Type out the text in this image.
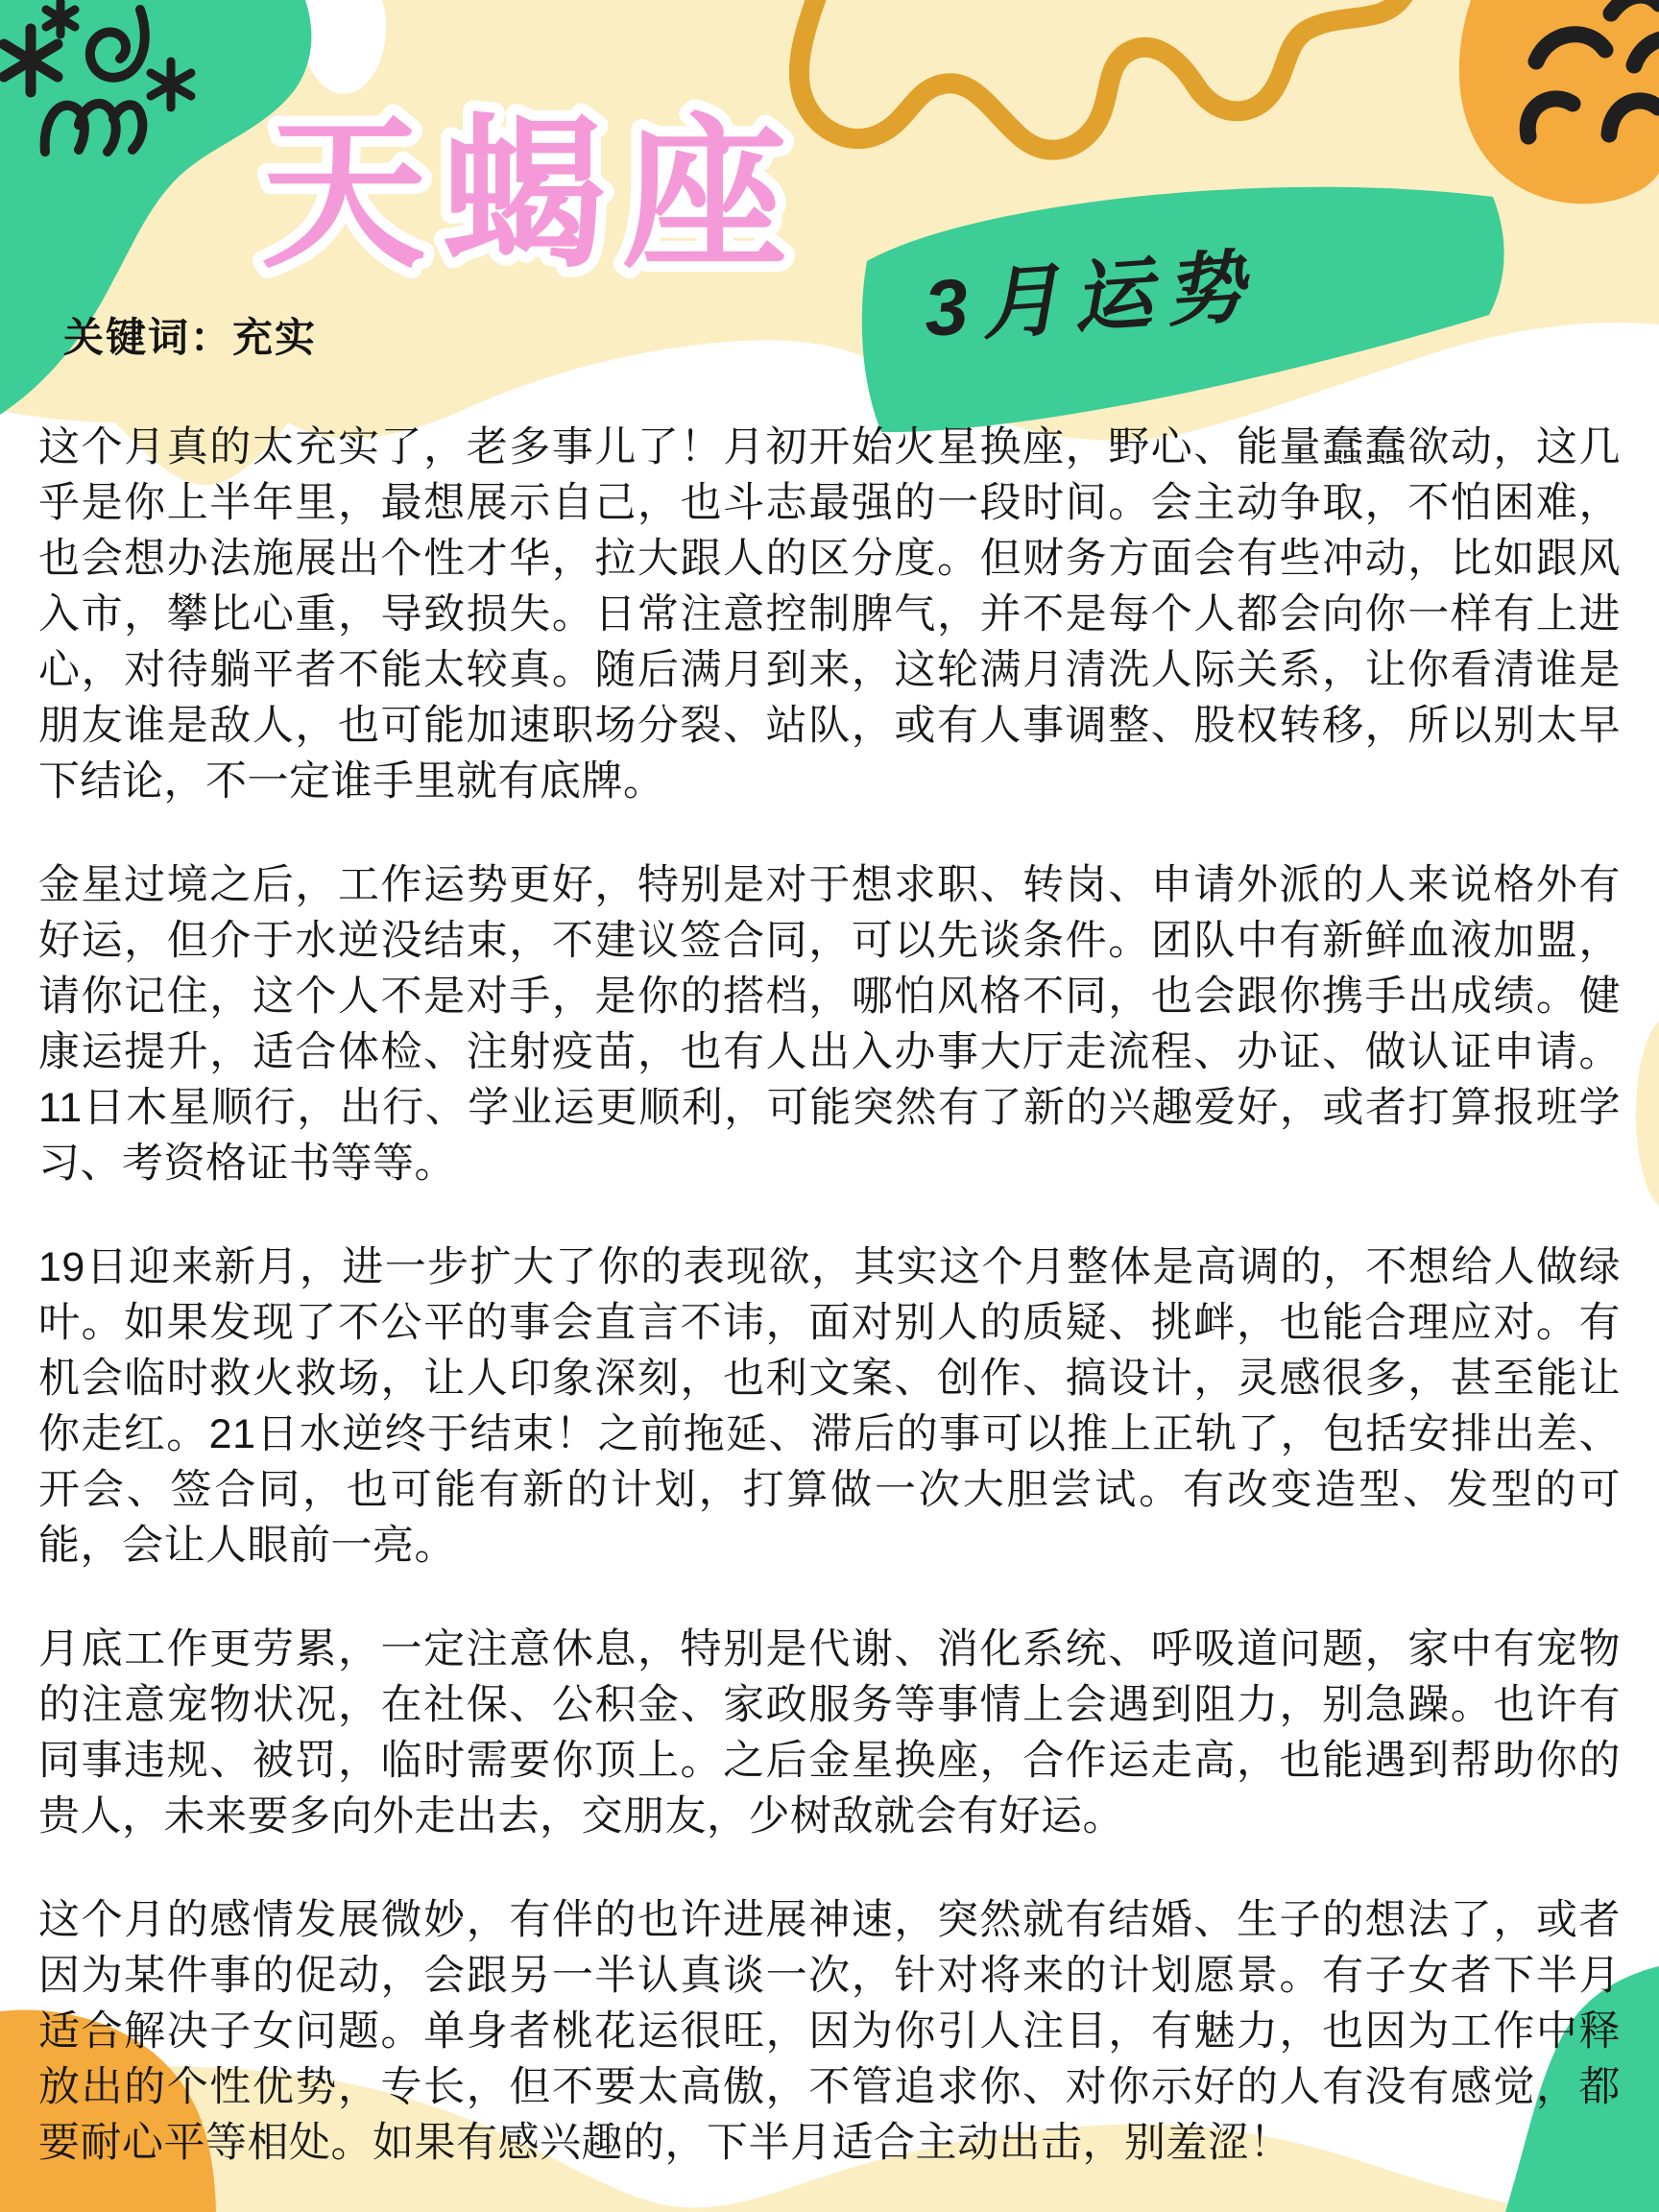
天蝎座
3月运势
关键词：充实

这个月真的太充实了，老多事儿了！月初开始火星换座，野心、能量蠢蠢欲动，这几乎是你上半年里，最想展示自己，也斗志最强的一段时间。会主动争取，不怕困难，也会想办法施展出个性才华，拉大跟人的区分度。但财务方面会有些冲动，比如跟风入市，攀比心重，导致损失。日常注意控制脾气，并不是每个人都会向你一样有上进心，对待躺平者不能太较真。随后满月到来，这轮满月清洗人际关系，让你看清谁是朋友谁是敌人，也可能加速职场分裂、站队，或有人事调整、股权转移，所以别太早下结论，不一定谁手里就有底牌。

金星过境之后，工作运势更好，特别是对于想求职、转岗、申请外派的人来说格外有好运，但介于水逆没结束，不建议签合同，可以先谈条件。团队中有新鲜血液加盟，请你记住，这个人不是对手，是你的搭档，哪怕风格不同，也会跟你携手出成绩。健康运提升，适合体检、注射疫苗，也有人出入办事大厅走流程、办证、做认证申请。11日木星顺行，出行、学业运更顺利，可能突然有了新的兴趣爱好，或者打算报班学习、考资格证书等等。

19日迎来新月，进一步扩大了你的表现欲，其实这个月整体是高调的，不想给人做绿叶。如果发现了不公平的事会直言不讳，面对别人的质疑、挑衅，也能合理应对。有机会临时救火救场，让人印象深刻，也利文案、创作、搞设计，灵感很多，甚至能让你走红。21日水逆终于结束！之前拖延、滞后的事可以推上正轨了，包括安排出差、开会、签合同，也可能有新的计划，打算做一次大胆尝试。有改变造型、发型的可能，会让人眼前一亮。

月底工作更劳累，一定注意休息，特别是代谢、消化系统、呼吸道问题，家中有宠物的注意宠物状况，在社保、公积金、家政服务等事情上会遇到阻力，别急躁。也许有同事违规、被罚，临时需要你顶上。之后金星换座，合作运走高，也能遇到帮助你的贵人，未来要多向外走出去，交朋友，少树敌就会有好运。

这个月的感情发展微妙，有伴的也许进展神速，突然就有结婚、生子的想法了，或者因为某件事的促动，会跟另一半认真谈一次，针对将来的计划愿景。有子女者下半月适合解决子女问题。单身者桃花运很旺，因为你引人注目，有魅力，也因为工作中释放出的个性优势，专长，但不要太高傲，不管追求你、对你示好的人有没有感觉，都要耐心平等相处。如果有感兴趣的，下半月适合主动出击，别羞涩！
